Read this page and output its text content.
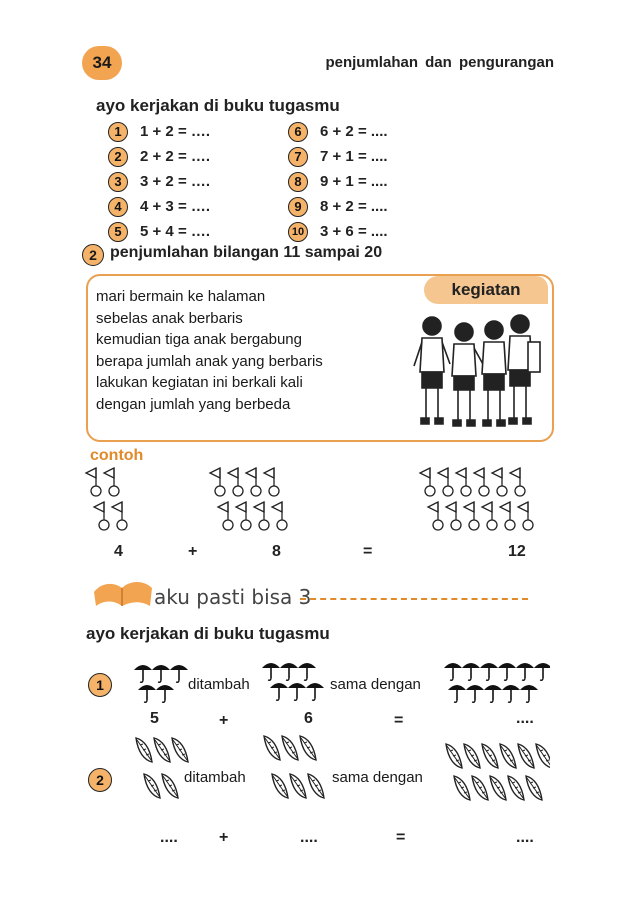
34	penjumlahan dan pengurangan
ayo kerjakan di buku tugasmu
1 1 + 2 = ….
2 2 + 2 = ….
3 3 + 2 = ….
4 4 + 3 = ….
5 5 + 4 = ….
6 6 + 2 = ....
7 7 + 1 = ....
8 9 + 1 = ....
9 8 + 2 = ....
10 3 + 6 = ....
2 penjumlahan bilangan 11 sampai 20
kegiatan
mari bermain ke halaman
sebelas anak berbaris
kemudian tiga anak bergabung
berapa jumlah anak yang berbaris
lakukan kegiatan ini berkali kali
dengan jumlah yang berbeda
contoh
4	+	8	=	12
aku pasti bisa 3
ayo kerjakan di buku tugasmu
1	ditambah	sama dengan
5	+	6	=	....
2	ditambah	sama dengan
....	+	....	=	....
